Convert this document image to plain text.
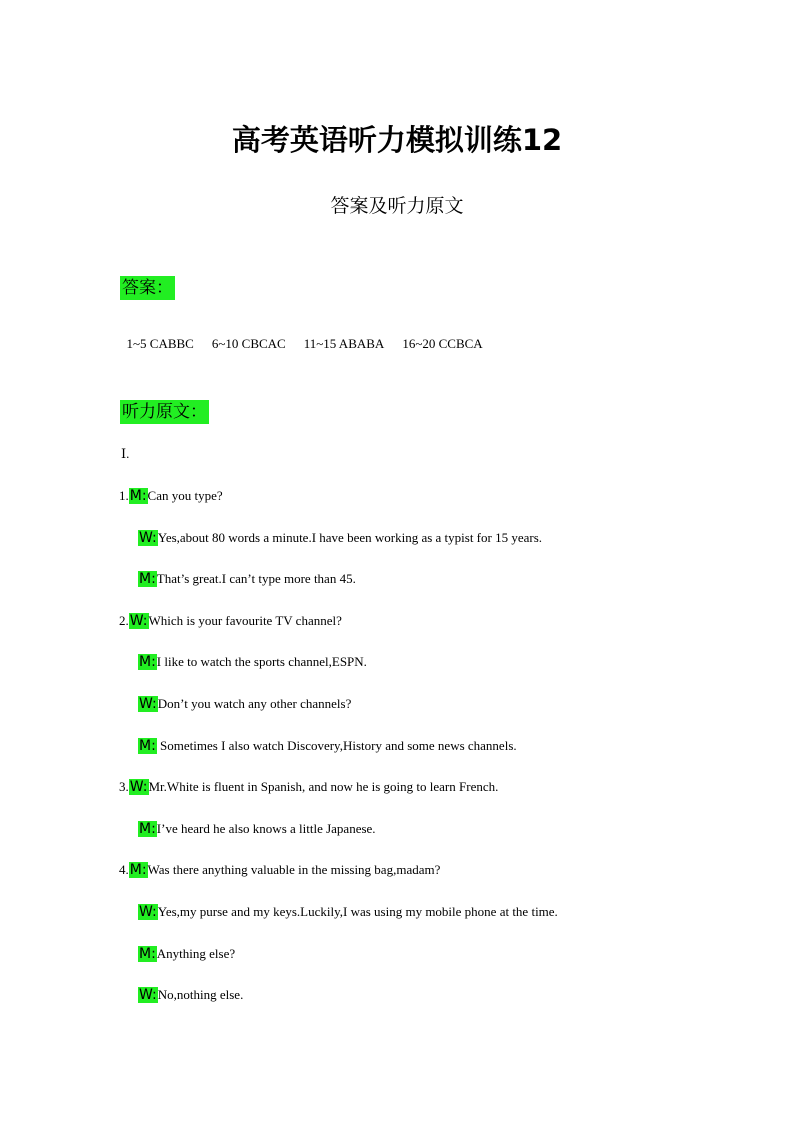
高考英语听力模拟训练12
答案及听力原文
答案：

1~5 CABBC 6~10 CBCAC 11~15 ABABA 16~20 CCBCA

听力原文：
Ⅰ.
1.M:Can you type?
W:Yes,about 80 words a minute.I have been working as a typist for 15 years.
M:That’s great.I can’t type more than 45.
2.W:Which is your favourite TV channel?
M:I like to watch the sports channel,ESPN.
W:Don’t you watch any other channels?
M: Sometimes I also watch Discovery,History and some news channels.
3.W:Mr.White is fluent in Spanish, and now he is going to learn French.
M:I’ve heard he also knows a little Japanese.
4.M:Was there anything valuable in the missing bag,madam?
W:Yes,my purse and my keys.Luckily,I was using my mobile phone at the time.
M:Anything else?
W:No,nothing else.
